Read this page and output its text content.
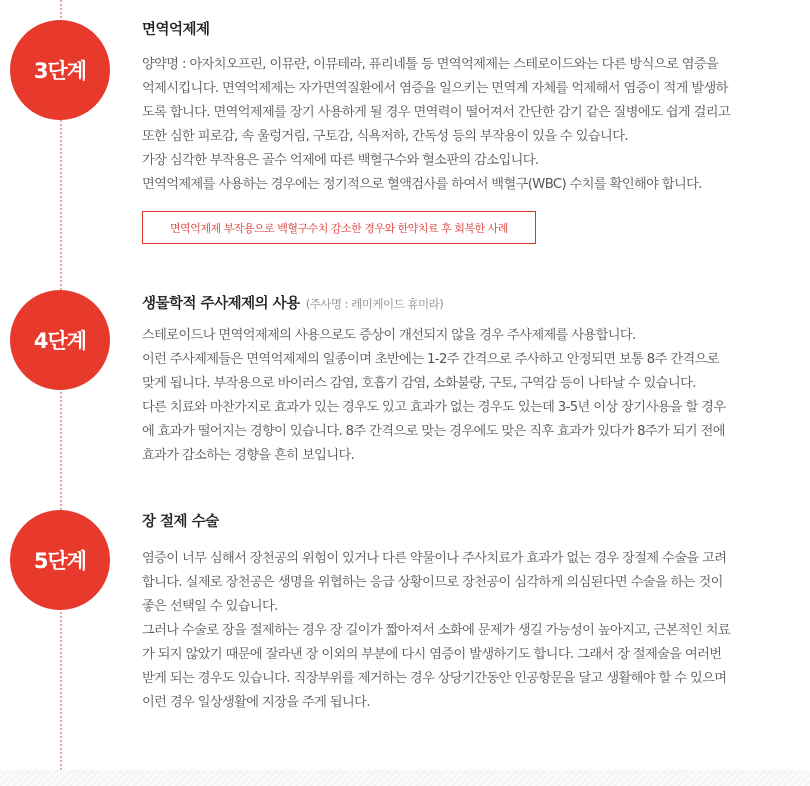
3단계
면역억제제

양약명 : 아자치오프린, 이뮤란, 이뮤테라, 퓨리네톨 등 면역억제제는 스테로이드와는 다른 방식으로 염증을

억제시킵니다. 면역억제제는 자가면역질환에서 염증을 일으키는 면역계 자체를 억제해서 염증이 적게 발생하

도록 합니다. 면역억제제를 장기 사용하게 될 경우 면역력이 떨어져서 간단한 감기 같은 질병에도 쉽게 걸리고

또한 심한 피로감, 속 울렁거림, 구토감, 식욕저하, 간독성 등의 부작용이 있을 수 있습니다.

가장 심각한 부작용은 골수 억제에 따른 백혈구수와 혈소판의 감소입니다.

면역억제제를 사용하는 경우에는 정기적으로 혈액검사를 하여서 백혈구(WBC) 수치를 확인해야 합니다.

면역억제제 부작용으로 백혈구수치 감소한 경우와 한약치료 후 회복한 사례
4단계
생물학적 주사제제의 사용 (주사명 : 레미케이드 휴미라)

스테로이드나 면역억제제의 사용으로도 증상이 개선되지 않을 경우 주사제제를 사용합니다.

이런 주사제제들은 면역억제제의 일종이며 초반에는 1-2주 간격으로 주사하고 안정되면 보통 8주 간격으로

맞게 됩니다. 부작용으로 바이러스 감염, 호흡기 감염, 소화불량, 구토, 구역감 등이 나타날 수 있습니다.

다른 치료와 마찬가지로 효과가 있는 경우도 있고 효과가 없는 경우도 있는데 3-5년 이상 장기사용을 할 경우

에 효과가 떨어지는 경향이 있습니다. 8주 간격으로 맞는 경우에도 맞은 직후 효과가 있다가 8주가 되기 전에

효과가 감소하는 경향을 흔히 보입니다.

5단계
장 절제 수술

염증이 너무 심해서 장천공의 위험이 있거나 다른 약물이나 주사치료가 효과가 없는 경우 장절제 수술을 고려

합니다. 실제로 장천공은 생명을 위협하는 응급 상황이므로 장천공이 심각하게 의심된다면 수술을 하는 것이

좋은 선택일 수 있습니다.

그러나 수술로 장을 절제하는 경우 장 길이가 짧아져서 소화에 문제가 생길 가능성이 높아지고, 근본적인 치료

가 되지 않았기 때문에 잘라낸 장 이외의 부분에 다시 염증이 발생하기도 합니다. 그래서 장 절제술을 여러번

받게 되는 경우도 있습니다. 직장부위를 제거하는 경우 상당기간동안 인공항문을 달고 생활해야 할 수 있으며

이런 경우 일상생활에 지장을 주게 됩니다.
